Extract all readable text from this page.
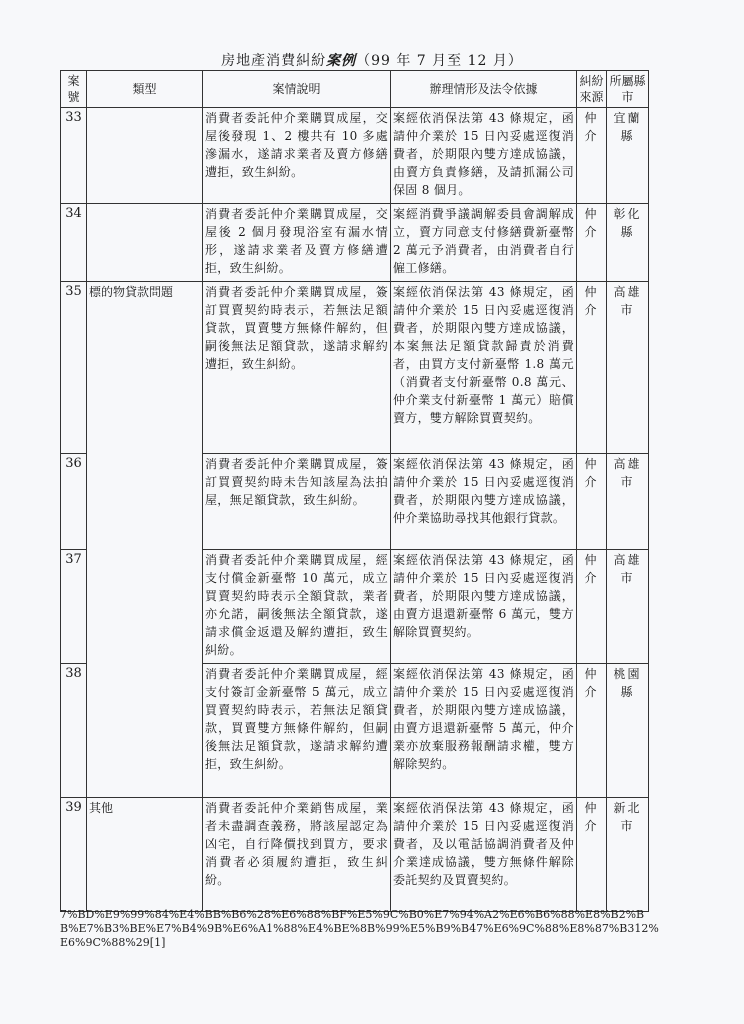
房地產消費糾紛案例（99 年 7 月至 12 月）
案號	類型	案情說明	辦理情形及法令依據	糾紛來源	所屬縣市
33		消費者委託仲介業購買成屋，交屋後發現 1、2 樓共有 10 多處滲漏水，遂請求業者及賣方修繕遭拒，致生糾紛。	案經依消保法第 43 條規定，函請仲介業於 15 日內妥處逕復消費者，於期限內雙方達成協議，由賣方負責修繕，及請抓漏公司保固 8 個月。	仲介	宜蘭縣
34		消費者委託仲介業購買成屋，交屋後 2 個月發現浴室有漏水情形，遂請求業者及賣方修繕遭拒，致生糾紛。	案經消費爭議調解委員會調解成立，賣方同意支付修繕費新臺幣 2 萬元予消費者，由消費者自行僱工修繕。	仲介	彰化縣
35	標的物貸款問題	消費者委託仲介業購買成屋，簽訂買賣契約時表示，若無法足額貸款，買賣雙方無條件解約，但嗣後無法足額貸款，遂請求解約遭拒，致生糾紛。	案經依消保法第 43 條規定，函請仲介業於 15 日內妥處逕復消費者，於期限內雙方達成協議，本案無法足額貸款歸責於消費者，由買方支付新臺幣 1.8 萬元（消費者支付新臺幣 0.8 萬元、仲介業支付新臺幣 1 萬元）賠償賣方，雙方解除買賣契約。	仲介	高雄市
36		消費者委託仲介業購買成屋，簽訂買賣契約時未告知該屋為法拍屋，無足額貸款，致生糾紛。	案經依消保法第 43 條規定，函請仲介業於 15 日內妥處逕復消費者，於期限內雙方達成協議，仲介業協助尋找其他銀行貸款。	仲介	高雄市
37		消費者委託仲介業購買成屋，經支付償金新臺幣 10 萬元，成立買賣契約時表示全額貸款，業者亦允諾，嗣後無法全額貸款，遂請求償金返還及解約遭拒，致生糾紛。	案經依消保法第 43 條規定，函請仲介業於 15 日內妥處逕復消費者，於期限內雙方達成協議，由賣方退還新臺幣 6 萬元，雙方解除買賣契約。	仲介	高雄市
38		消費者委託仲介業購買成屋，經支付簽訂金新臺幣 5 萬元，成立買賣契約時表示，若無法足額貸款，買賣雙方無條件解約，但嗣後無法足額貸款，遂請求解約遭拒，致生糾紛。	案經依消保法第 43 條規定，函請仲介業於 15 日內妥處逕復消費者，於期限內雙方達成協議，由賣方退還新臺幣 5 萬元，仲介業亦放棄服務報酬請求權，雙方解除契約。	仲介	桃園縣
39	其他	消費者委託仲介業銷售成屋，業者未盡調查義務，將該屋認定為凶宅，自行降價找到買方，要求消費者必須履約遭拒，致生糾紛。	案經依消保法第 43 條規定，函請仲介業於 15 日內妥處逕復消費者，及以電話協調消費者及仲介業達成協議，雙方無條件解除委託契約及買賣契約。	仲介	新北市
7%BD%E9%99%84%E4%BB%B6%28%E6%88%BF%E5%9C%B0%E7%94%A2%E6%B6%88%E8%B2%BB%E7%B3%BE%E7%B4%9B%E6%A1%88%E4%BE%8B%99%E5%B9%B47%E6%9C%88%E8%87%B312%E6%9C%88%29[1]
